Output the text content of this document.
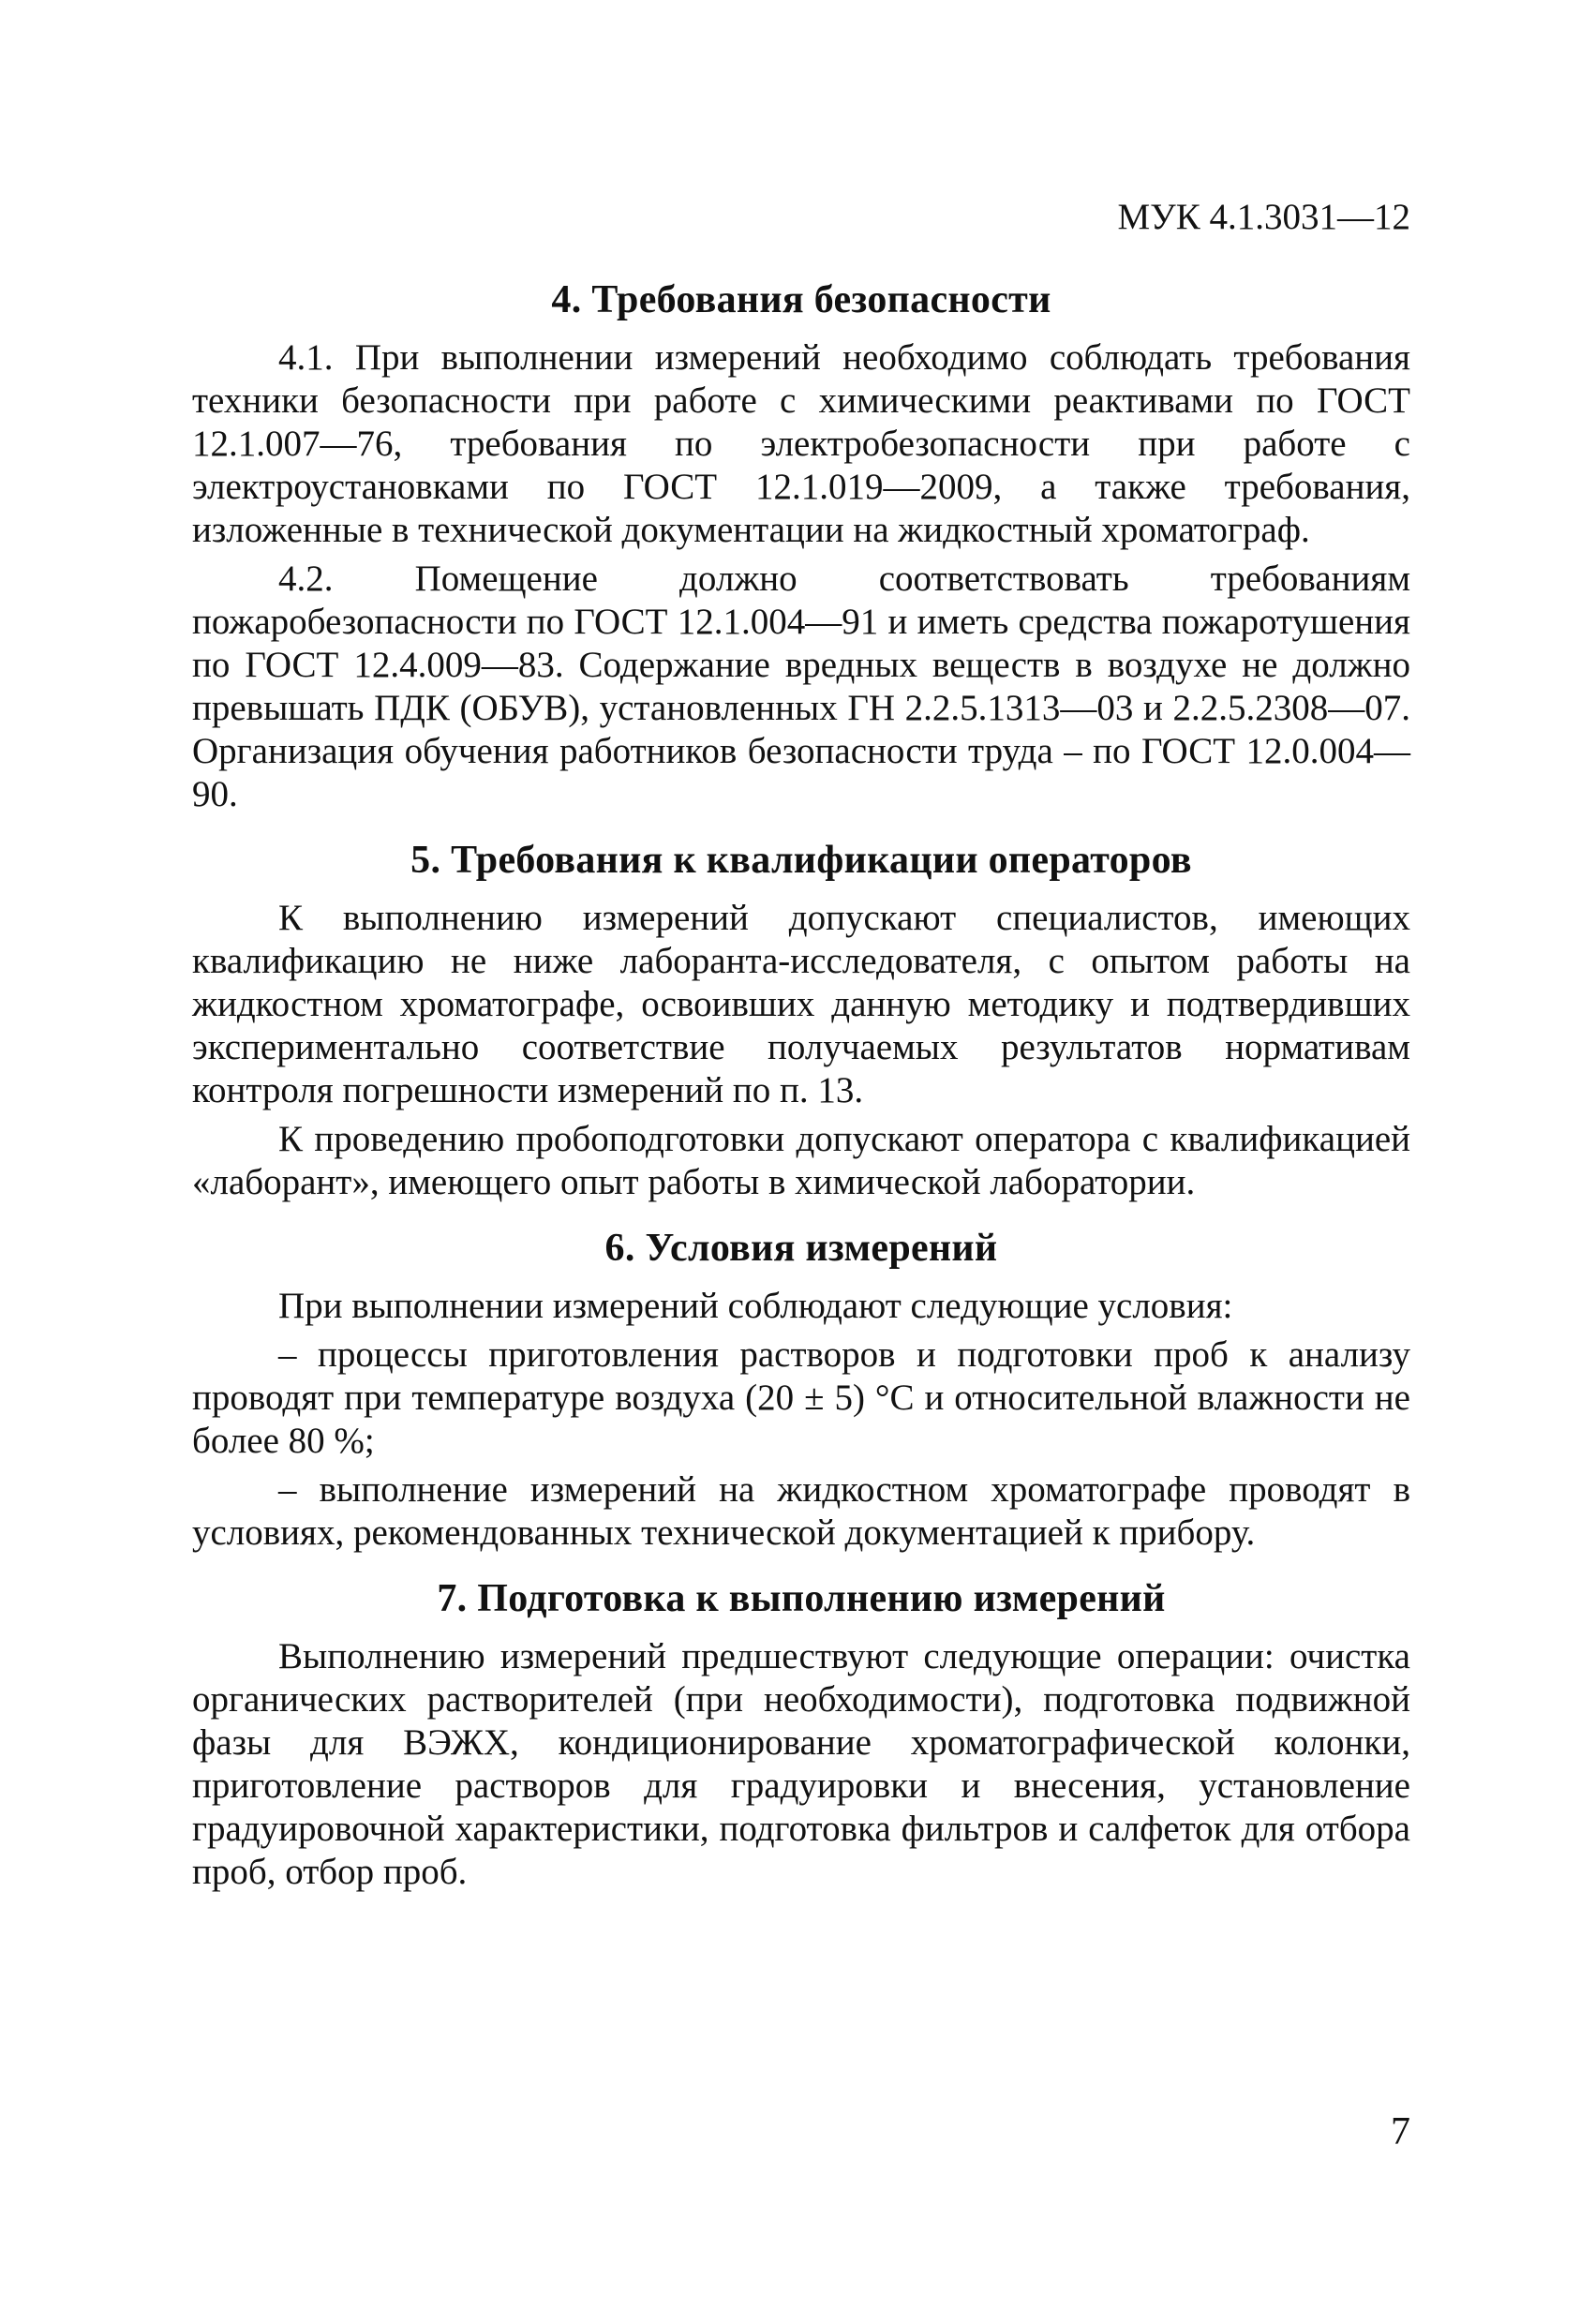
МУК 4.1.3031—12

4. Требования безопасности

4.1. При выполнении измерений необходимо соблюдать требования техники безопасности при работе с химическими реактивами по ГОСТ 12.1.007—76, требования по электробезопасности при работе с электроустановками по ГОСТ 12.1.019—2009, а также требования, изложенные в технической документации на жидкостный хроматограф.

4.2. Помещение должно соответствовать требованиям пожаробезопасности по ГОСТ 12.1.004—91 и иметь средства пожаротушения по ГОСТ 12.4.009—83. Содержание вредных веществ в воздухе не должно превышать ПДК (ОБУВ), установленных ГН 2.2.5.1313—03 и 2.2.5.2308—07. Организация обучения работников безопасности труда – по ГОСТ 12.0.004—90.

5. Требования к квалификации операторов

К выполнению измерений допускают специалистов, имеющих квалификацию не ниже лаборанта-исследователя, с опытом работы на жидкостном хроматографе, освоивших данную методику и подтвердивших экспериментально соответствие получаемых результатов нормативам контроля погрешности измерений по п. 13.

К проведению пробоподготовки допускают оператора с квалификацией «лаборант», имеющего опыт работы в химической лаборатории.

6. Условия измерений

При выполнении измерений соблюдают следующие условия:

– процессы приготовления растворов и подготовки проб к анализу проводят при температуре воздуха (20 ± 5) °С и относительной влажности не более 80 %;

– выполнение измерений на жидкостном хроматографе проводят в условиях, рекомендованных технической документацией к прибору.

7. Подготовка к выполнению измерений

Выполнению измерений предшествуют следующие операции: очистка органических растворителей (при необходимости), подготовка подвижной фазы для ВЭЖХ, кондиционирование хроматографической колонки, приготовление растворов для градуировки и внесения, установление градуировочной характеристики, подготовка фильтров и салфеток для отбора проб, отбор проб.

7
